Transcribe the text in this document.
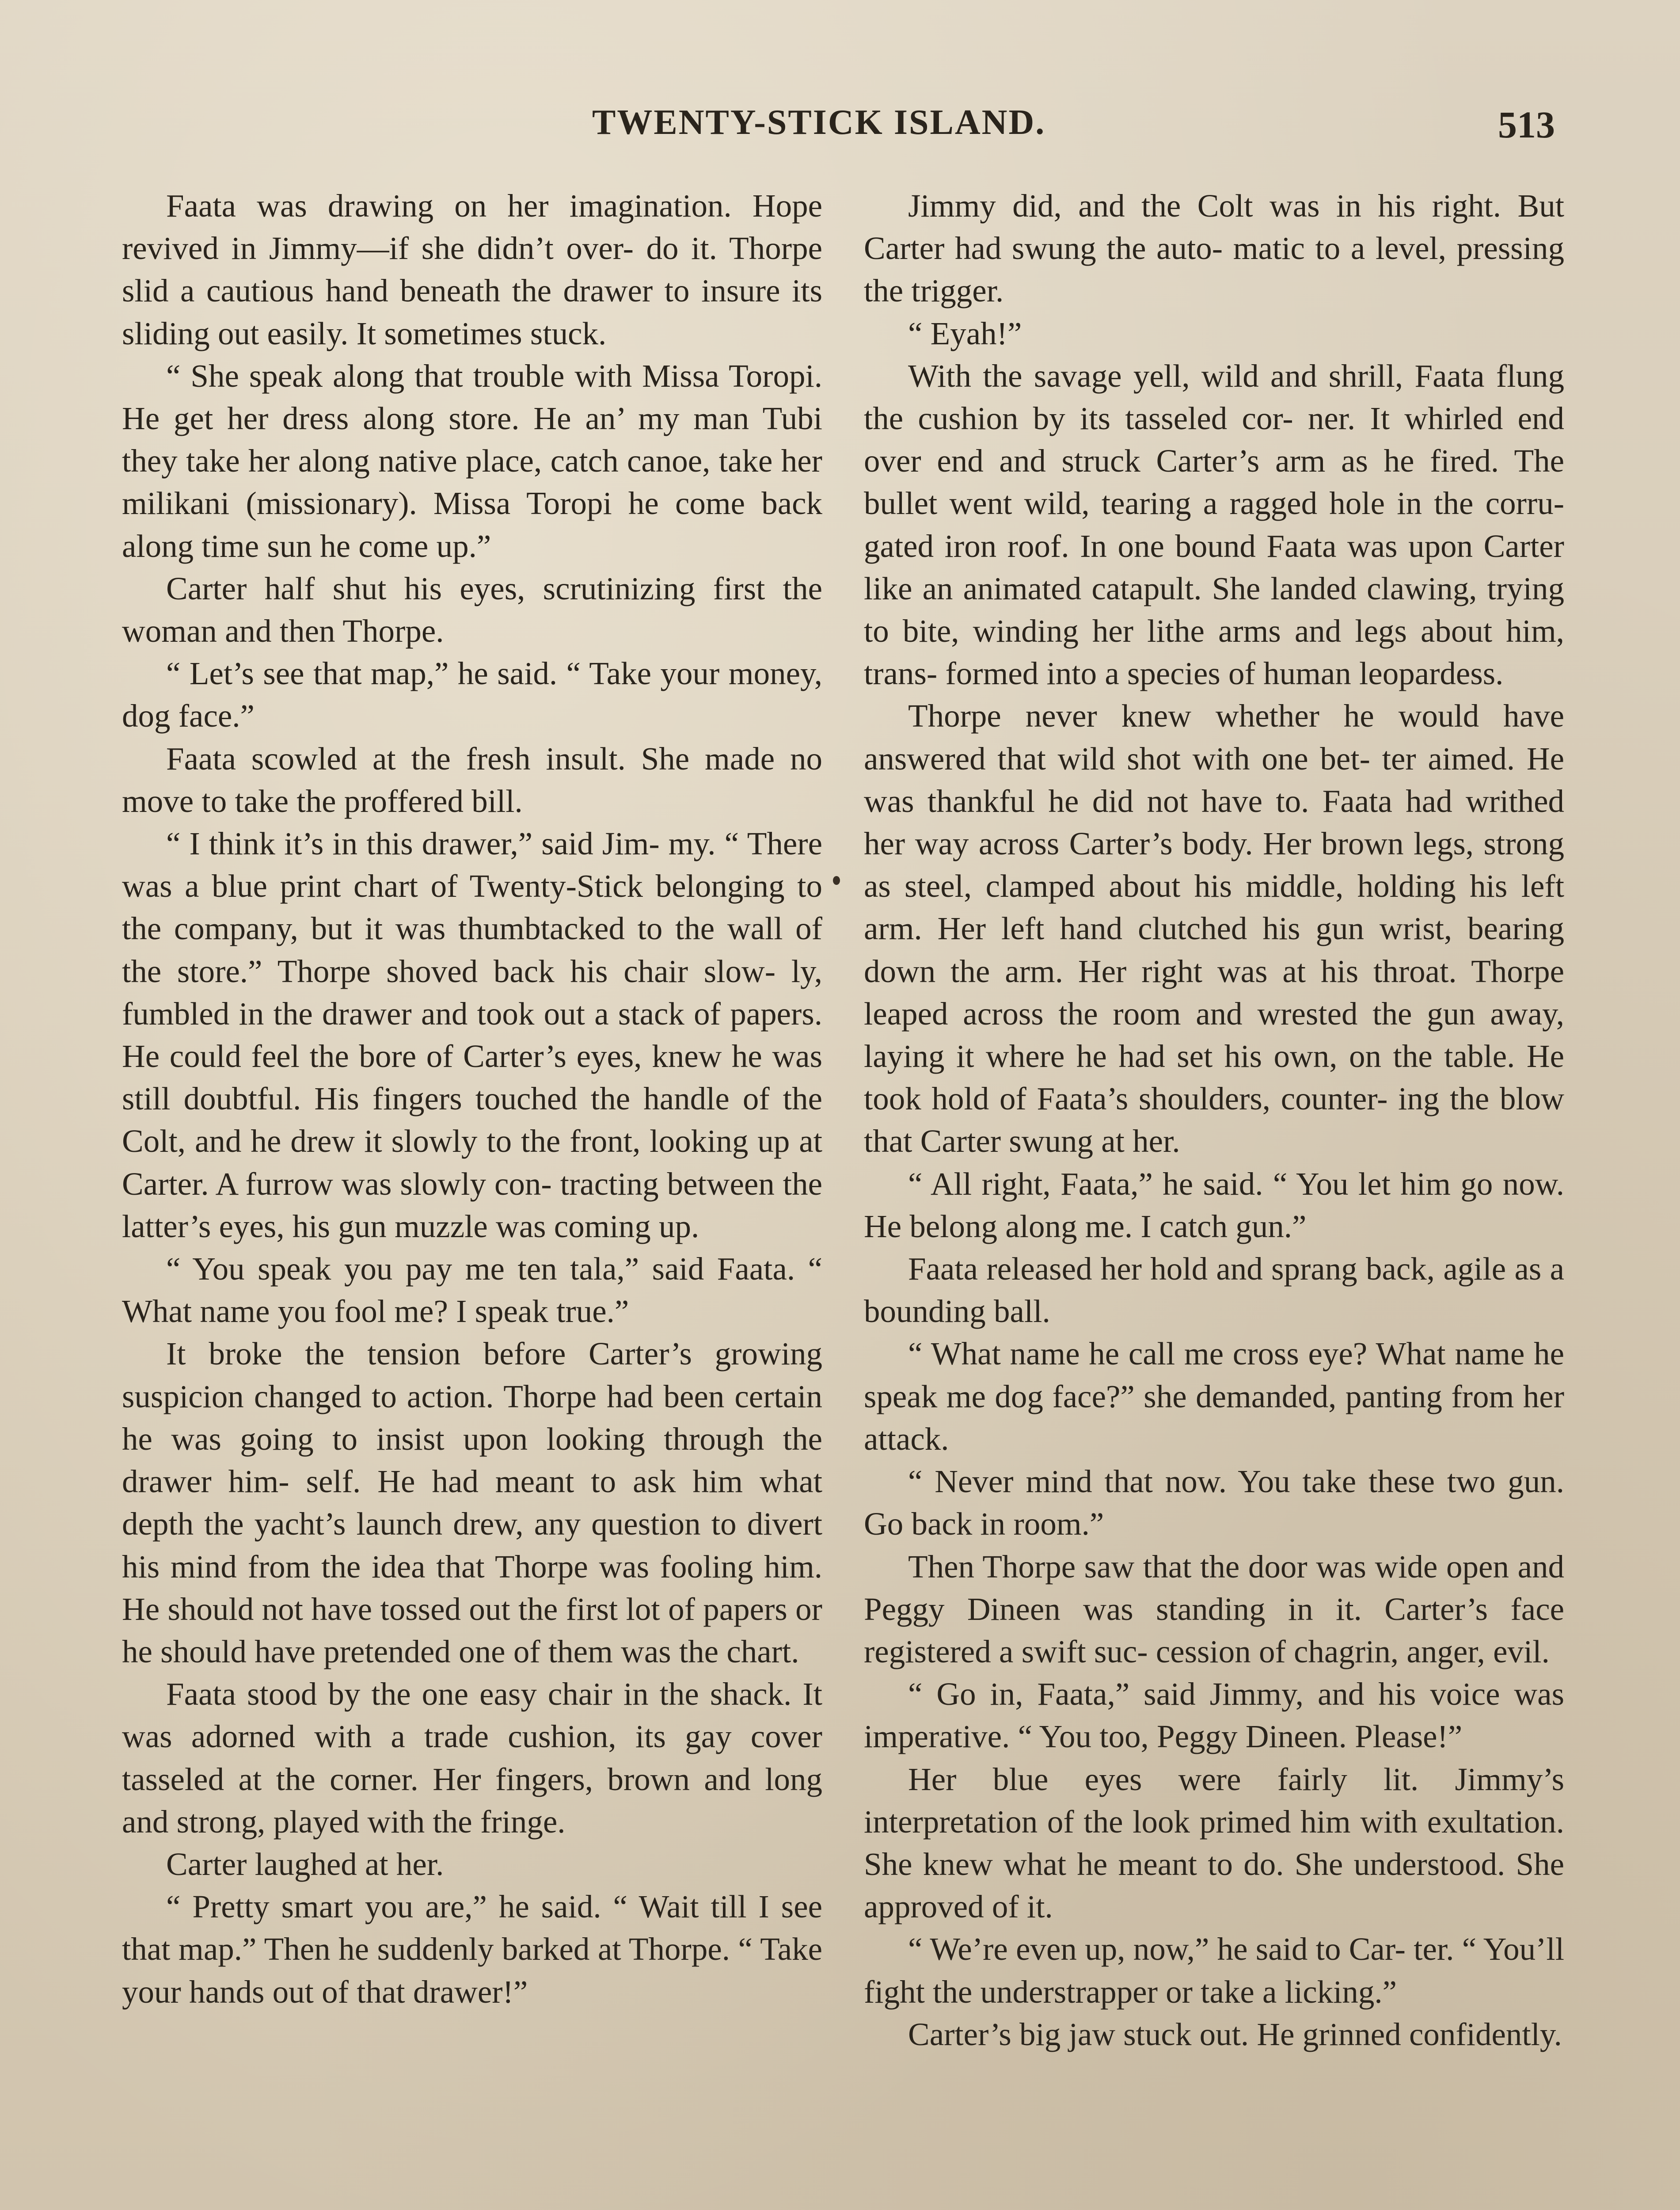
TWENTY-STICK ISLAND.	513

Faata was drawing on her imagination. Hope revived in Jimmy—if she didn’t over- do it. Thorpe slid a cautious hand beneath the drawer to insure its sliding out easily. It sometimes stuck.

“ She speak along that trouble with Missa Toropi. He get her dress along store. He an’ my man Tubi they take her along native place, catch canoe, take her milikani (missionary). Missa Toropi he come back along time sun he come up.”

Carter half shut his eyes, scrutinizing first the woman and then Thorpe.

“ Let’s see that map,” he said. “ Take your money, dog face.”

Faata scowled at the fresh insult. She made no move to take the proffered bill.

“ I think it’s in this drawer,” said Jim- my. “ There was a blue print chart of Twenty-Stick belonging to the company, but it was thumbtacked to the wall of the store.” Thorpe shoved back his chair slow- ly, fumbled in the drawer and took out a stack of papers. He could feel the bore of Carter’s eyes, knew he was still doubtful. His fingers touched the handle of the Colt, and he drew it slowly to the front, looking up at Carter. A furrow was slowly con- tracting between the latter’s eyes, his gun muzzle was coming up.

“ You speak you pay me ten tala,” said Faata. “ What name you fool me? I speak true.”

It broke the tension before Carter’s growing suspicion changed to action. Thorpe had been certain he was going to insist upon looking through the drawer him- self. He had meant to ask him what depth the yacht’s launch drew, any question to divert his mind from the idea that Thorpe was fooling him. He should not have tossed out the first lot of papers or he should have pretended one of them was the chart.

Faata stood by the one easy chair in the shack. It was adorned with a trade cushion, its gay cover tasseled at the corner. Her fingers, brown and long and strong, played with the fringe.

Carter laughed at her.

“ Pretty smart you are,” he said. “ Wait till I see that map.” Then he suddenly barked at Thorpe. “ Take your hands out of that drawer!”

Jimmy did, and the Colt was in his right. But Carter had swung the auto- matic to a level, pressing the trigger.

“ Eyah!”

With the savage yell, wild and shrill, Faata flung the cushion by its tasseled cor- ner. It whirled end over end and struck Carter’s arm as he fired. The bullet went wild, tearing a ragged hole in the corru- gated iron roof. In one bound Faata was upon Carter like an animated catapult. She landed clawing, trying to bite, winding her lithe arms and legs about him, trans- formed into a species of human leopardess.

Thorpe never knew whether he would have answered that wild shot with one bet- ter aimed. He was thankful he did not have to. Faata had writhed her way across Carter’s body. Her brown legs, strong as steel, clamped about his middle, holding his left arm. Her left hand clutched his gun wrist, bearing down the arm. Her right was at his throat. Thorpe leaped across the room and wrested the gun away, laying it where he had set his own, on the table. He took hold of Faata’s shoulders, counter- ing the blow that Carter swung at her.

“ All right, Faata,” he said. “ You let him go now. He belong along me. I catch gun.”

Faata released her hold and sprang back, agile as a bounding ball.

“ What name he call me cross eye? What name he speak me dog face?” she demanded, panting from her attack.

“ Never mind that now. You take these two gun. Go back in room.”

Then Thorpe saw that the door was wide open and Peggy Dineen was standing in it. Carter’s face registered a swift suc- cession of chagrin, anger, evil.

“ Go in, Faata,” said Jimmy, and his voice was imperative. “ You too, Peggy Dineen. Please!”

Her blue eyes were fairly lit. Jimmy’s interpretation of the look primed him with exultation. She knew what he meant to do. She understood. She approved of it.

“ We’re even up, now,” he said to Car- ter. “ You’ll fight the understrapper or take a licking.”

Carter’s big jaw stuck out. He grinned confidently.
